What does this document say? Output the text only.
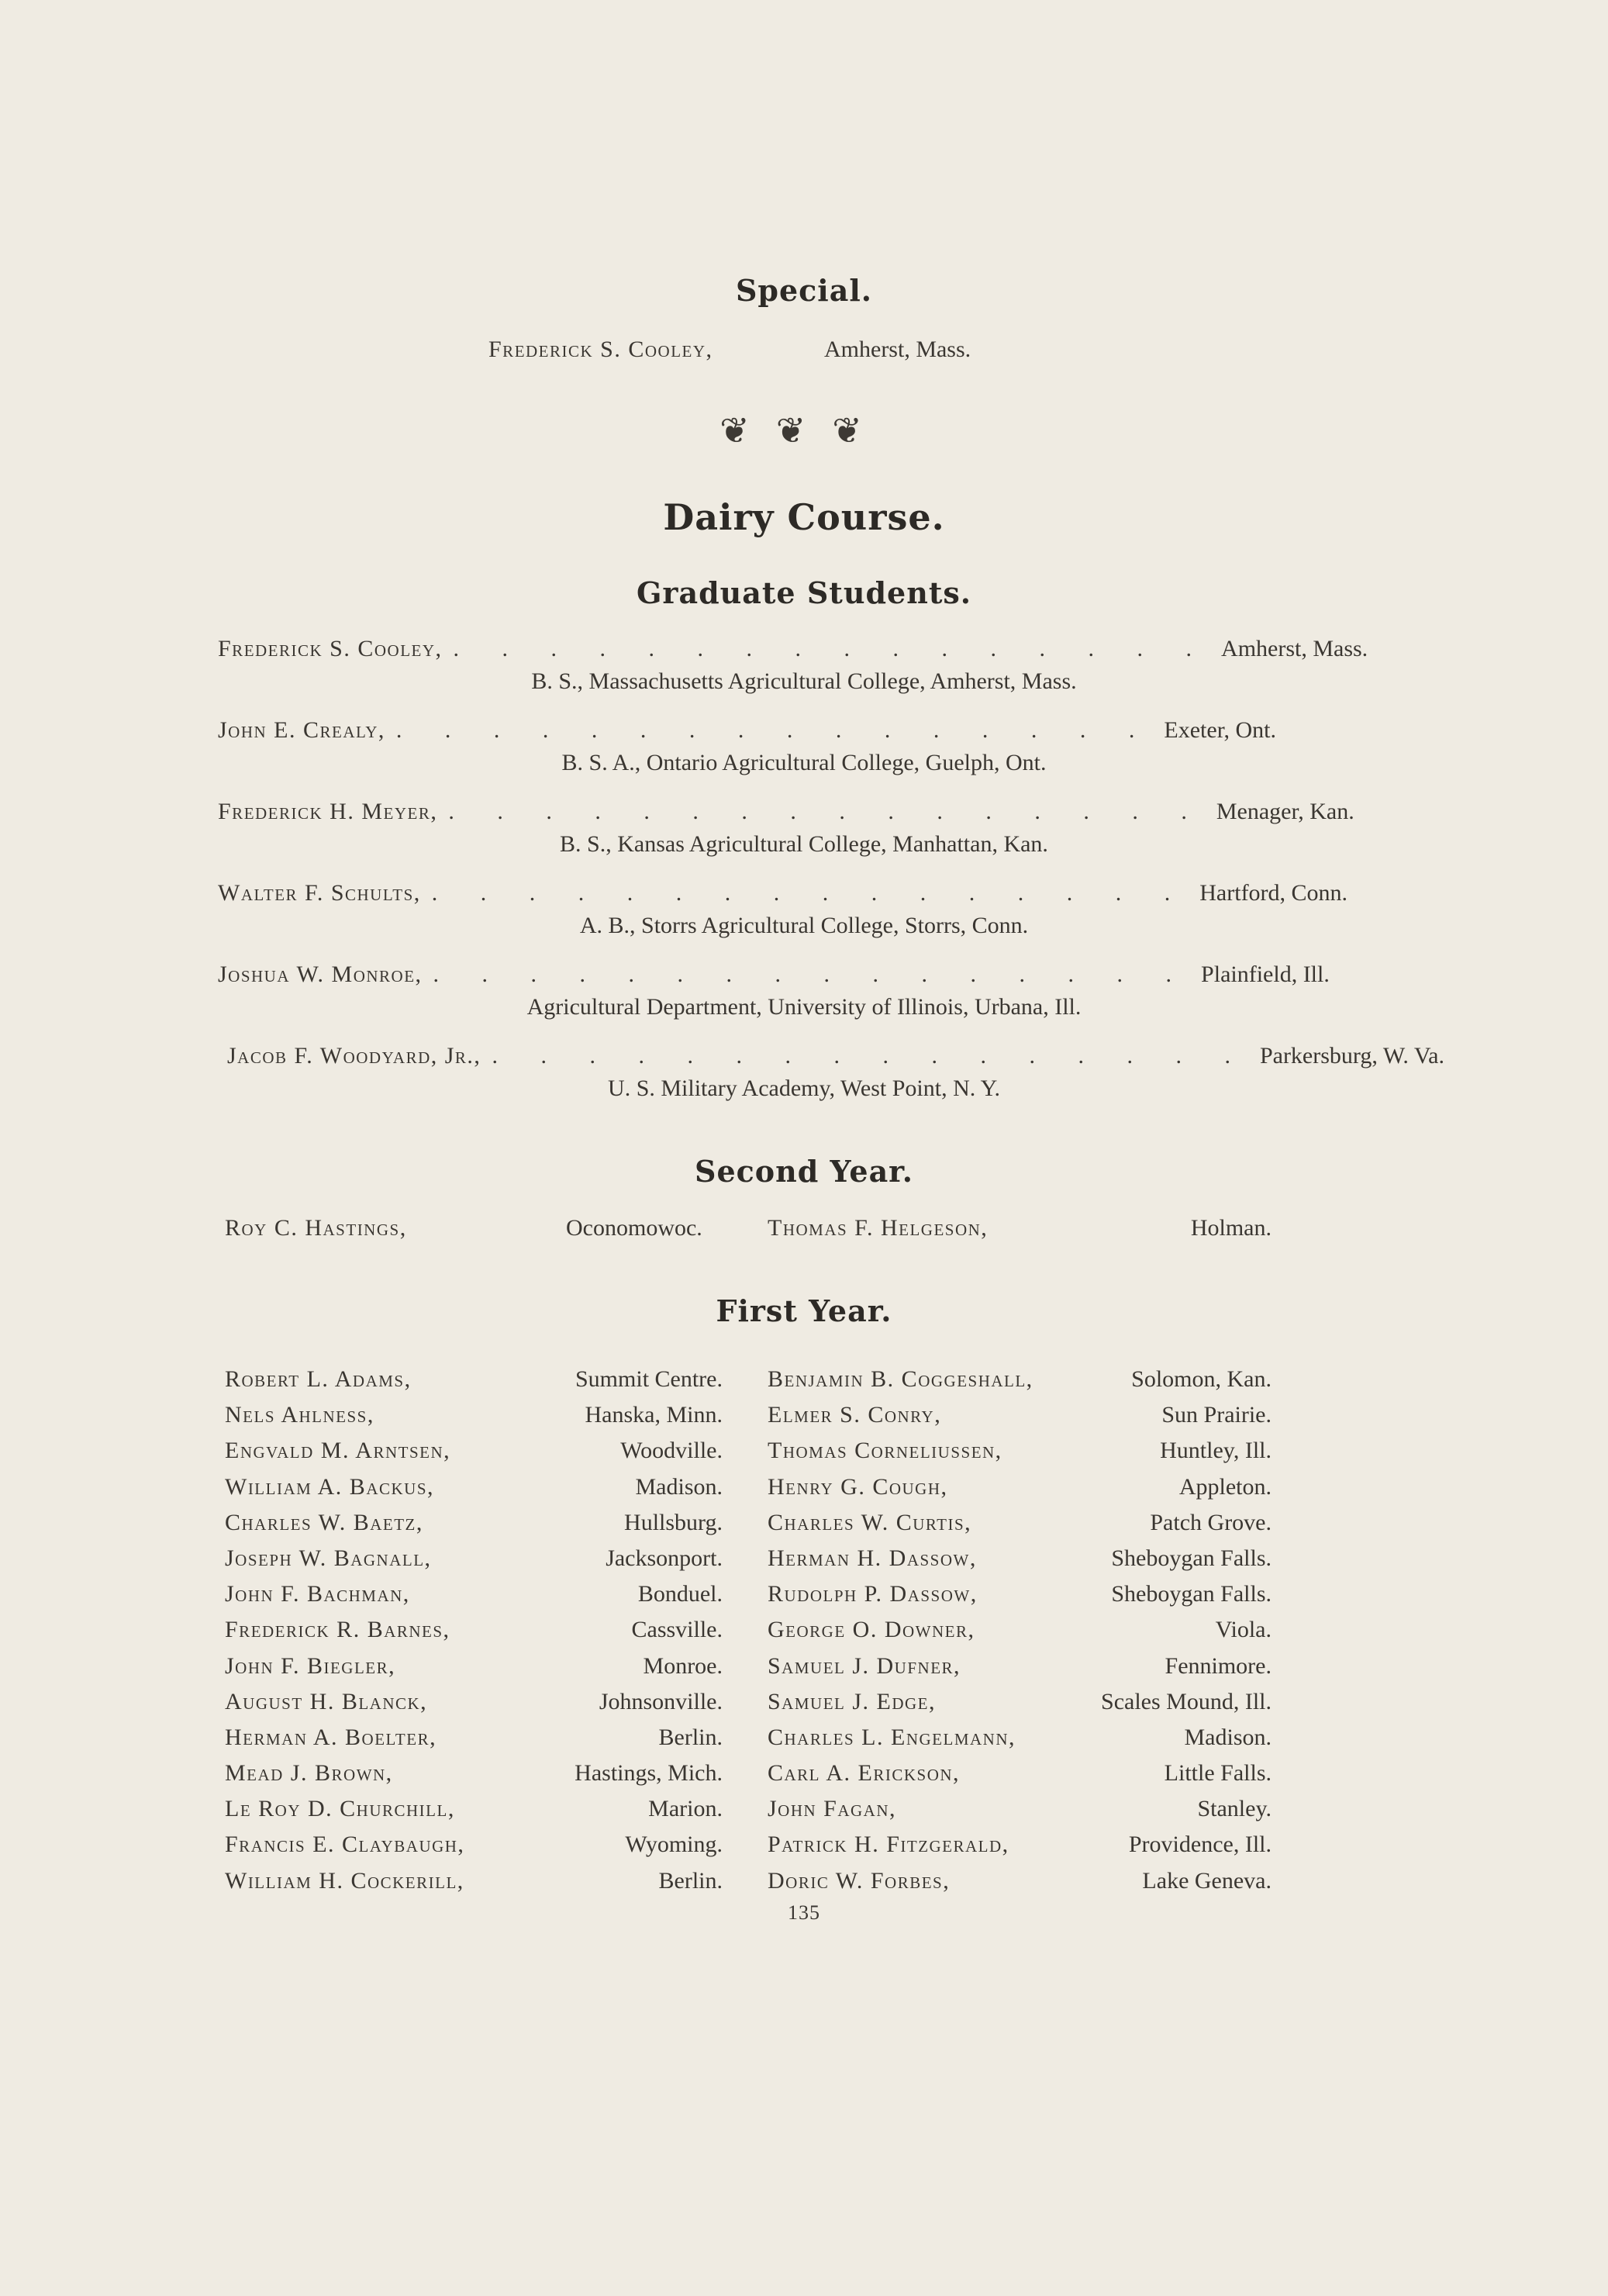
Special.
Frederick S. Cooley,	Amherst, Mass.
❦❦❦
Dairy Course.
Graduate Students.
Frederick S. Cooley, . . . . . . . . . . . . . . . . Amherst, Mass.
B. S., Massachusetts Agricultural College, Amherst, Mass.
John E. Crealy, . . . . . . . . . . . . . . . . Exeter, Ont.
B. S. A., Ontario Agricultural College, Guelph, Ont.
Frederick H. Meyer, . . . . . . . . . . . . . . . . Menager, Kan.
B. S., Kansas Agricultural College, Manhattan, Kan.
Walter F. Schults, . . . . . . . . . . . . . . . . Hartford, Conn.
A. B., Storrs Agricultural College, Storrs, Conn.
Joshua W. Monroe, . . . . . . . . . . . . . . . . Plainfield, Ill.
Agricultural Department, University of Illinois, Urbana, Ill.
Jacob F. Woodyard, Jr., . . . . . . . . . . . . . . . . Parkersburg, W. Va.
U. S. Military Academy, West Point, N. Y.
Second Year.
Roy C. Hastings,	Oconomowoc.	Thomas F. Helgeson,	Holman.
First Year.
Robert L. Adams,	Summit Centre. Benjamin B. Coggeshall,	Solomon, Kan.
Nels Ahlness,	Hanska, Minn. Elmer S. Conry,	Sun Prairie.
Engvald M. Arntsen,	Woodville. Thomas Corneliussen,	Huntley, Ill.
William A. Backus,	Madison. Henry G. Cough,	Appleton.
Charles W. Baetz,	Hullsburg. Charles W. Curtis,	Patch Grove.
Joseph W. Bagnall,	Jacksonport. Herman H. Dassow,	Sheboygan Falls.
John F. Bachman,	Bonduel. Rudolph P. Dassow,	Sheboygan Falls.
Frederick R. Barnes,	Cassville. George O. Downer,	Viola.
John F. Biegler,	Monroe. Samuel J. Dufner,	Fennimore.
August H. Blanck,	Johnsonville. Samuel J. Edge,	Scales Mound, Ill.
Herman A. Boelter,	Berlin. Charles L. Engelmann,	Madison.
Mead J. Brown,	Hastings, Mich. Carl A. Erickson,	Little Falls.
Le Roy D. Churchill,	Marion. John Fagan,	Stanley.
Francis E. Claybaugh,	Wyoming. Patrick H. Fitzgerald,	Providence, Ill.
William H. Cockerill,	Berlin. Doric W. Forbes,	Lake Geneva.
135
